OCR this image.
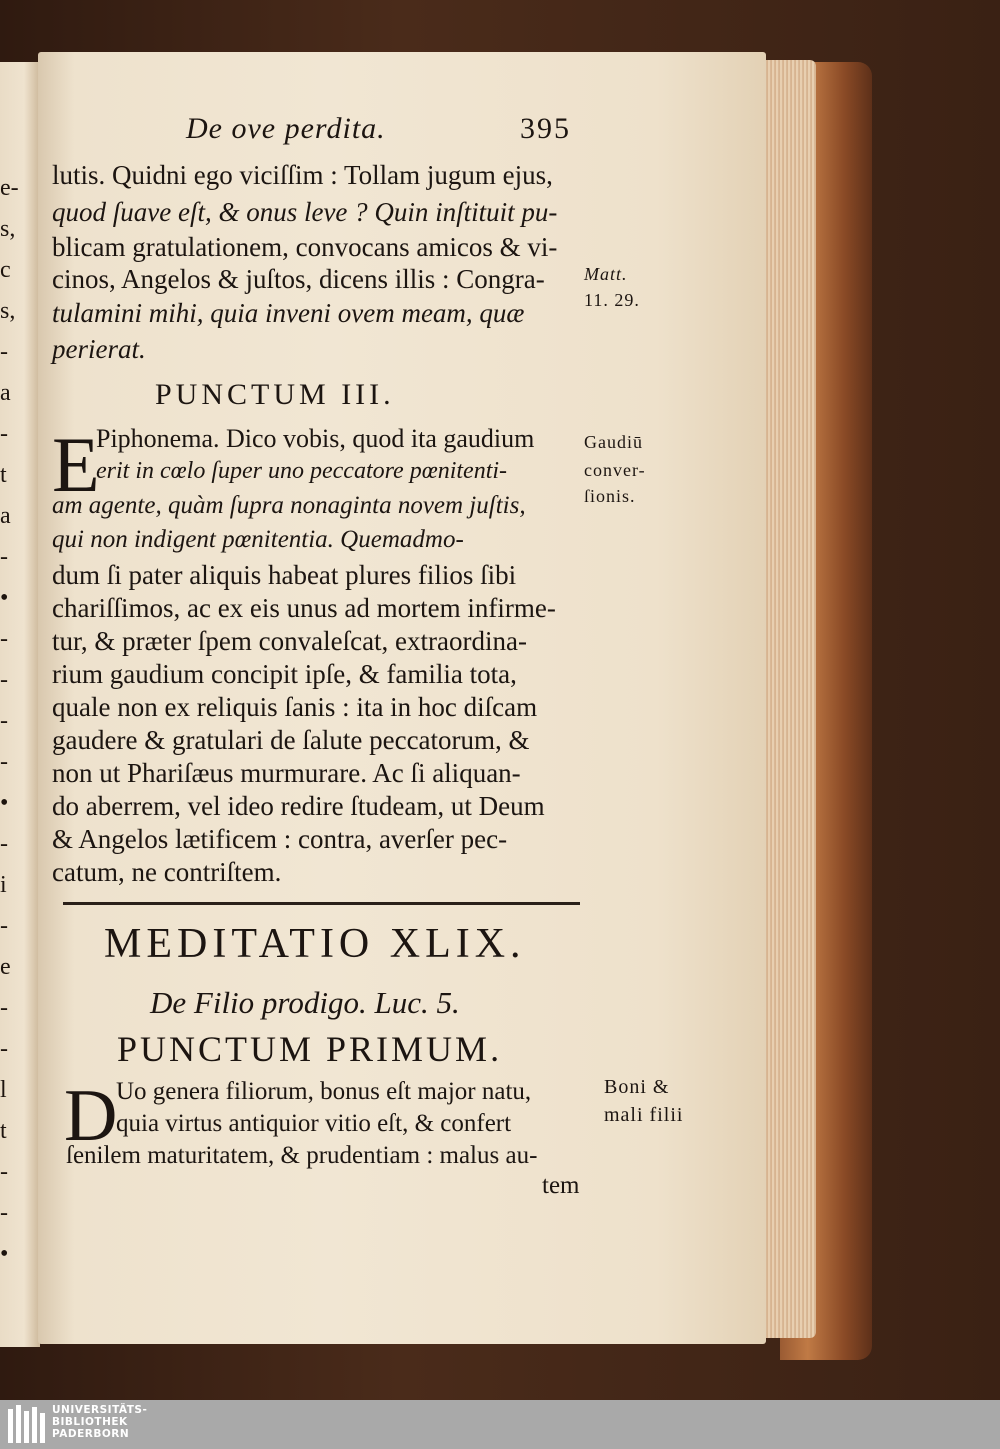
e-
s,
c
s,
-
a
-
t
a
-
•
-
-
-
-
•
-
i
-
e
-
-
l
t
-
-
•
De ove perdita.	395
lutis. Quidni ego viciſſim : Tollam jugum ejus,
quod ſuave eſt, & onus leve ? Quin inſtituit pu-
blicam gratulationem, convocans amicos & vi-
cinos, Angelos & juſtos, dicens illis : Congra-
tulamini mihi, quia inveni ovem meam, quæ
perierat.
Matt.
11. 29.
PUNCTUM III.
E
Piphonema. Dico vobis, quod ita gaudium
erit in cœlo ſuper uno peccatore pœnitenti-
am agente, quàm ſupra nonaginta novem juſtis,
qui non indigent pœnitentia. Quemadmo-
dum ſi pater aliquis habeat plures filios ſibi
chariſſimos, ac ex eis unus ad mortem infirme-
tur, & præter ſpem convaleſcat, extraordina-
rium gaudium concipit ipſe, & familia tota,
quale non ex reliquis ſanis : ita in hoc diſcam
gaudere & gratulari de ſalute peccatorum, &
non ut Phariſæus murmurare. Ac ſi aliquan-
do aberrem, vel ideo redire ſtudeam, ut Deum
& Angelos lætificem : contra, averſer pec-
catum, ne contriſtem.
Gaudiū
conver-
ſionis.
MEDITATIO XLIX.
De Filio prodigo. Luc. 5.
PUNCTUM PRIMUM.
D
Uo genera filiorum, bonus eſt major natu,
quia virtus antiquior vitio eſt, & confert
ſenilem maturitatem, & prudentiam : malus au-
tem
Boni &
mali filii
UNIVERSITÄTS-
BIBLIOTHEK
PADERBORN
